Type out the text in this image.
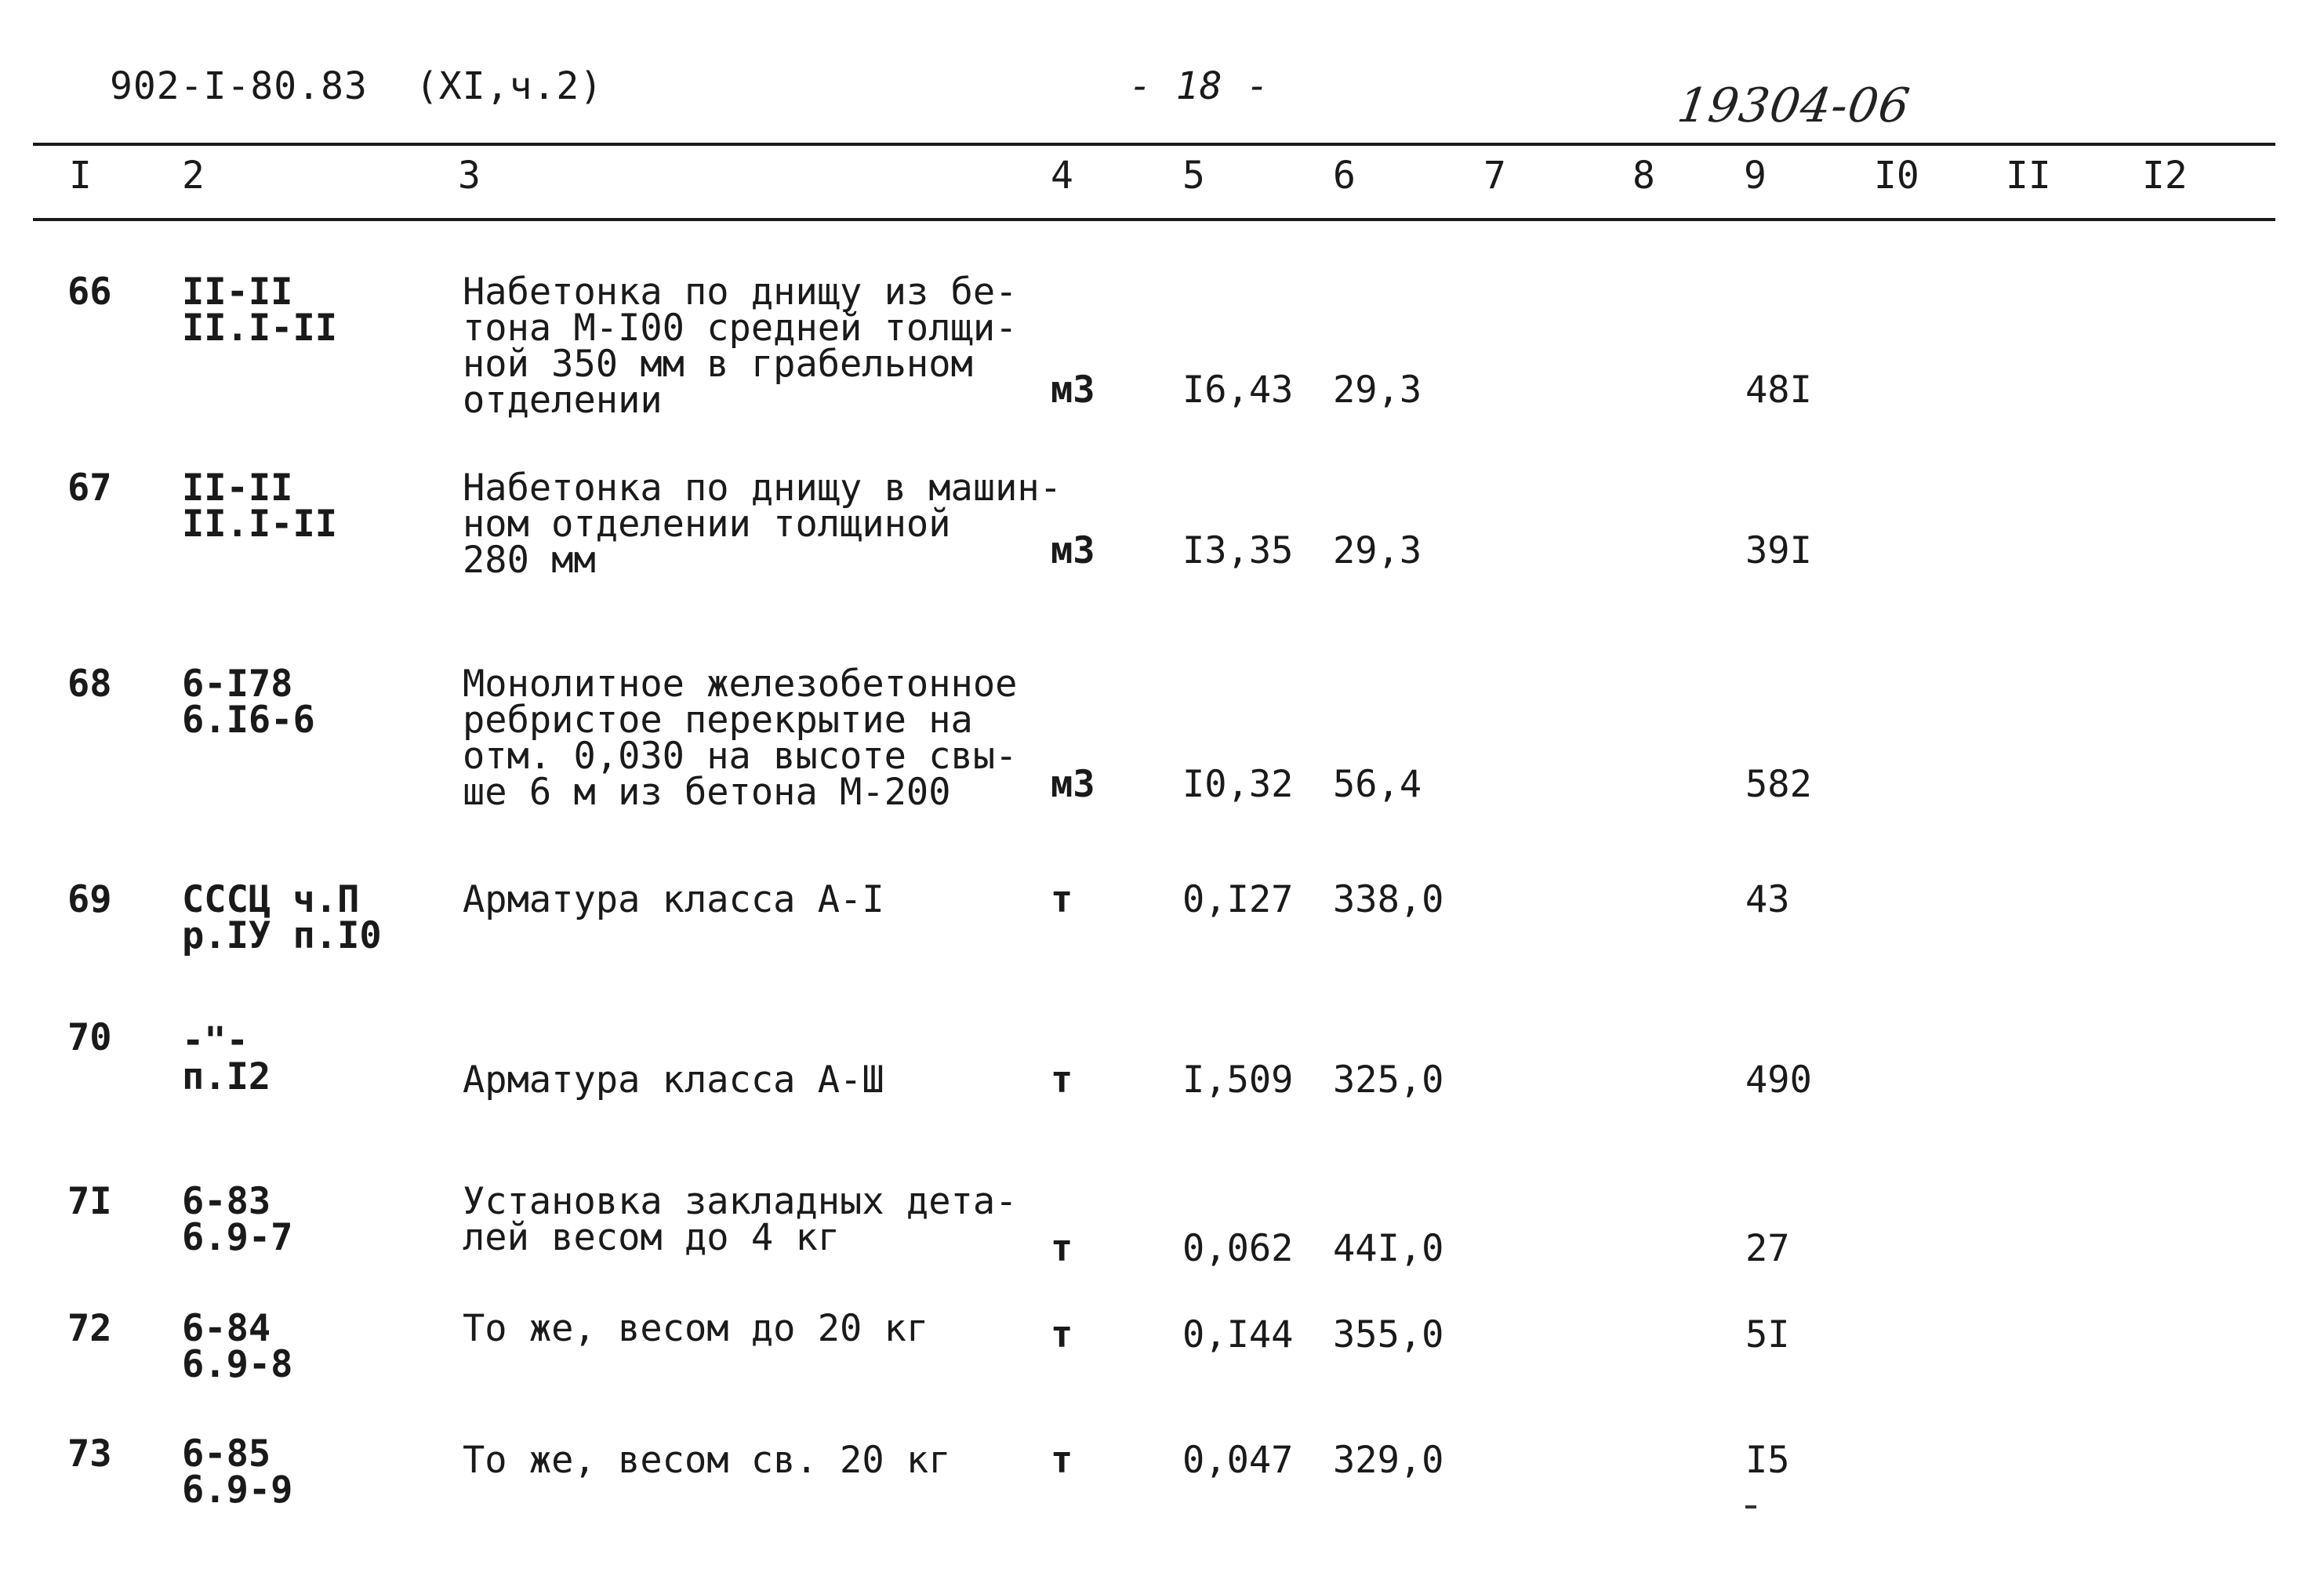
902-I-80.83 (XI,ч.2)	- 18 -	19304-06
I 2	3	4	5	6	7	8 9	I0 II I2
66 II-II
II.I-II
Набетонка по днищу из бе-
тона М-I00 средней толщи-
ной 350 мм в грабельном
отделении	м3 I6,43 29,3	48I
67 II-II
II.I-II
Набетонка по днищу в машин-
ном отделении толщиной
280 мм	м3 I3,35 29,3	39I
68 6-I78
6.I6-6
Монолитное железобетонное
ребристое перекрытие на
отм. 0,030 на высоте свы-
ше 6 м из бетона М-200	м3 I0,32 56,4	582
69 СССЦ ч.П
р.IУ п.I0
Арматура класса А-I	т	0,I27 338,0	43
70 -"-
п.I2	Арматура класса А-Ш	т	I,509 325,0	490
7I 6-83
6.9-7
Установка закладных дета-
лей весом до 4 кг	т	0,062 44I,0	27
72 6-84
6.9-8
То же, весом до 20 кг	т	0,I44 355,0	5I
73 6-85
6.9-9
То же, весом св. 20 кг	т	0,047 329,0	I5
